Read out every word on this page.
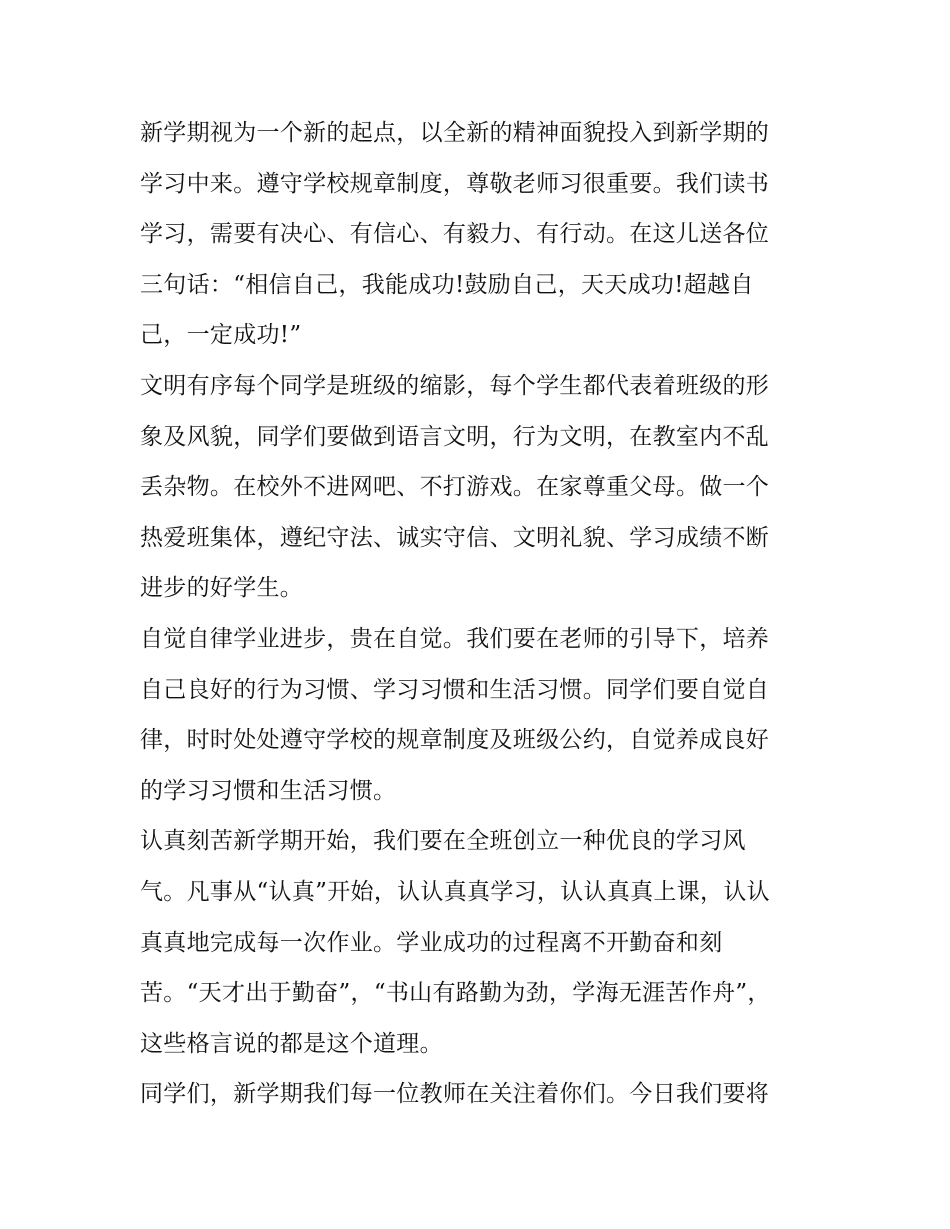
新学期视为一个新的起点，以全新的精神面貌投入到新学期的
学习中来。遵守学校规章制度，尊敬老师习很重要。我们读书
学习，需要有决心、有信心、有毅力、有行动。在这儿送各位
三句话：“相信自己，我能成功!鼓励自己，天天成功!超越自
己，一定成功!”
文明有序每个同学是班级的缩影，每个学生都代表着班级的形
象及风貌，同学们要做到语言文明，行为文明，在教室内不乱
丢杂物。在校外不进网吧、不打游戏。在家尊重父母。做一个
热爱班集体，遵纪守法、诚实守信、文明礼貌、学习成绩不断
进步的好学生。
自觉自律学业进步，贵在自觉。我们要在老师的引导下，培养
自己良好的行为习惯、学习习惯和生活习惯。同学们要自觉自
律，时时处处遵守学校的规章制度及班级公约，自觉养成良好
的学习习惯和生活习惯。
认真刻苦新学期开始，我们要在全班创立一种优良的学习风
气。凡事从“认真”开始，认认真真学习，认认真真上课，认认
真真地完成每一次作业。学业成功的过程离不开勤奋和刻
苦。“天才出于勤奋”，“书山有路勤为劲，学海无涯苦作舟”，
这些格言说的都是这个道理。
同学们，新学期我们每一位教师在关注着你们。今日我们要将
